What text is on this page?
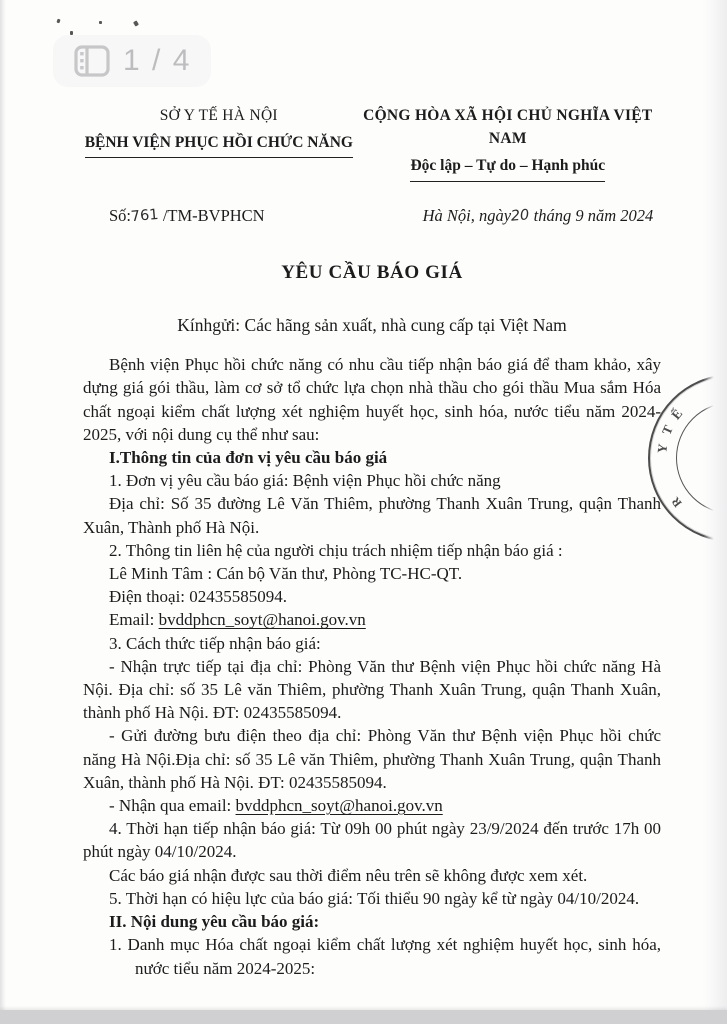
1 / 4
Y
T
Ế
R
SỞ Y TẾ HÀ NỘI
BỆNH VIỆN PHỤC HỒI CHỨC NĂNG
CỘNG HÒA XÃ HỘI CHỦ NGHĨA VIỆT NAM
Độc lập – Tự do – Hạnh phúc
Số:761 /TM-BVPHCN	Hà Nội, ngày20 tháng 9 năm 2024
YÊU CẦU BÁO GIÁ
Kínhgửi: Các hãng sản xuất, nhà cung cấp tại Việt Nam

Bệnh viện Phục hồi chức năng có nhu cầu tiếp nhận báo giá để tham khảo, xây dựng giá gói thầu, làm cơ sở tổ chức lựa chọn nhà thầu cho gói thầu Mua sắm Hóa chất ngoại kiểm chất lượng xét nghiệm huyết học, sinh hóa, nước tiểu năm 2024-2025, với nội dung cụ thể như sau:

I.Thông tin của đơn vị yêu cầu báo giá

1. Đơn vị yêu cầu báo giá: Bệnh viện Phục hồi chức năng

Địa chỉ: Số 35 đường Lê Văn Thiêm, phường Thanh Xuân Trung, quận Thanh Xuân, Thành phố Hà Nội.

2. Thông tin liên hệ của người chịu trách nhiệm tiếp nhận báo giá :

Lê Minh Tâm : Cán bộ Văn thư, Phòng TC-HC-QT.

Điện thoại: 02435585094.

Email: bvddphcn_soyt@hanoi.gov.vn

3. Cách thức tiếp nhận báo giá:

- Nhận trực tiếp tại địa chỉ: Phòng Văn thư Bệnh viện Phục hồi chức năng Hà Nội. Địa chỉ: số 35 Lê văn Thiêm, phường Thanh Xuân Trung, quận Thanh Xuân, thành phố Hà Nội. ĐT: 02435585094.

- Gửi đường bưu điện theo địa chỉ: Phòng Văn thư Bệnh viện Phục hồi chức năng Hà Nội.Địa chỉ: số 35 Lê văn Thiêm, phường Thanh Xuân Trung, quận Thanh Xuân, thành phố Hà Nội. ĐT: 02435585094.

- Nhận qua email: bvddphcn_soyt@hanoi.gov.vn

4. Thời hạn tiếp nhận báo giá: Từ 09h 00 phút ngày 23/9/2024 đến trước 17h 00 phút ngày 04/10/2024.

Các báo giá nhận được sau thời điểm nêu trên sẽ không được xem xét.

5. Thời hạn có hiệu lực của báo giá: Tối thiểu 90 ngày kể từ ngày 04/10/2024.

II. Nội dung yêu cầu báo giá:

1. Danh mục Hóa chất ngoại kiểm chất lượng xét nghiệm huyết học, sinh hóa, nước tiểu năm 2024-2025:
